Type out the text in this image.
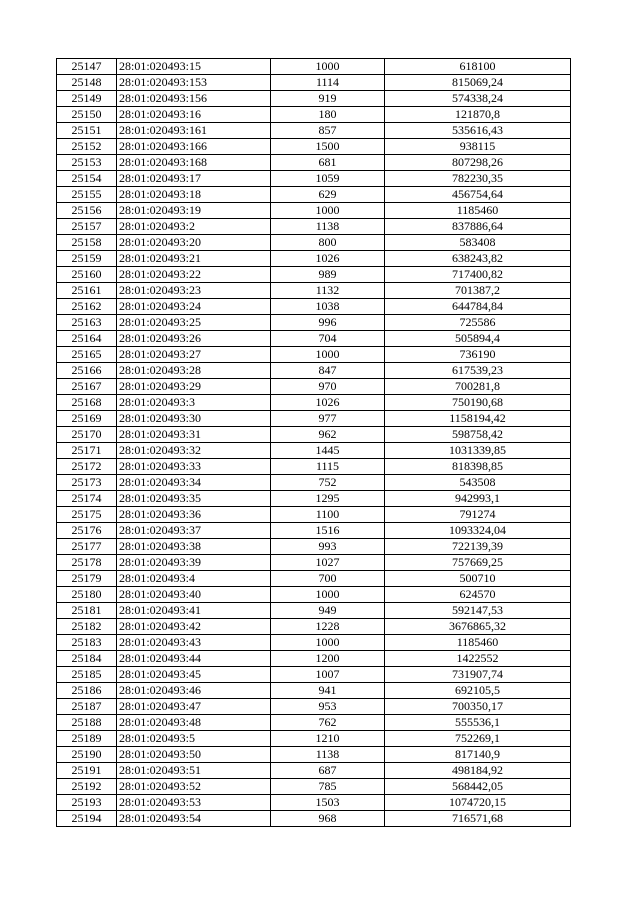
25147	28:01:020493:15	1000	618100
25148	28:01:020493:153	1114	815069,24
25149	28:01:020493:156	919	574338,24
25150	28:01:020493:16	180	121870,8
25151	28:01:020493:161	857	535616,43
25152	28:01:020493:166	1500	938115
25153	28:01:020493:168	681	807298,26
25154	28:01:020493:17	1059	782230,35
25155	28:01:020493:18	629	456754,64
25156	28:01:020493:19	1000	1185460
25157	28:01:020493:2	1138	837886,64
25158	28:01:020493:20	800	583408
25159	28:01:020493:21	1026	638243,82
25160	28:01:020493:22	989	717400,82
25161	28:01:020493:23	1132	701387,2
25162	28:01:020493:24	1038	644784,84
25163	28:01:020493:25	996	725586
25164	28:01:020493:26	704	505894,4
25165	28:01:020493:27	1000	736190
25166	28:01:020493:28	847	617539,23
25167	28:01:020493:29	970	700281,8
25168	28:01:020493:3	1026	750190,68
25169	28:01:020493:30	977	1158194,42
25170	28:01:020493:31	962	598758,42
25171	28:01:020493:32	1445	1031339,85
25172	28:01:020493:33	1115	818398,85
25173	28:01:020493:34	752	543508
25174	28:01:020493:35	1295	942993,1
25175	28:01:020493:36	1100	791274
25176	28:01:020493:37	1516	1093324,04
25177	28:01:020493:38	993	722139,39
25178	28:01:020493:39	1027	757669,25
25179	28:01:020493:4	700	500710
25180	28:01:020493:40	1000	624570
25181	28:01:020493:41	949	592147,53
25182	28:01:020493:42	1228	3676865,32
25183	28:01:020493:43	1000	1185460
25184	28:01:020493:44	1200	1422552
25185	28:01:020493:45	1007	731907,74
25186	28:01:020493:46	941	692105,5
25187	28:01:020493:47	953	700350,17
25188	28:01:020493:48	762	555536,1
25189	28:01:020493:5	1210	752269,1
25190	28:01:020493:50	1138	817140,9
25191	28:01:020493:51	687	498184,92
25192	28:01:020493:52	785	568442,05
25193	28:01:020493:53	1503	1074720,15
25194	28:01:020493:54	968	716571,68
